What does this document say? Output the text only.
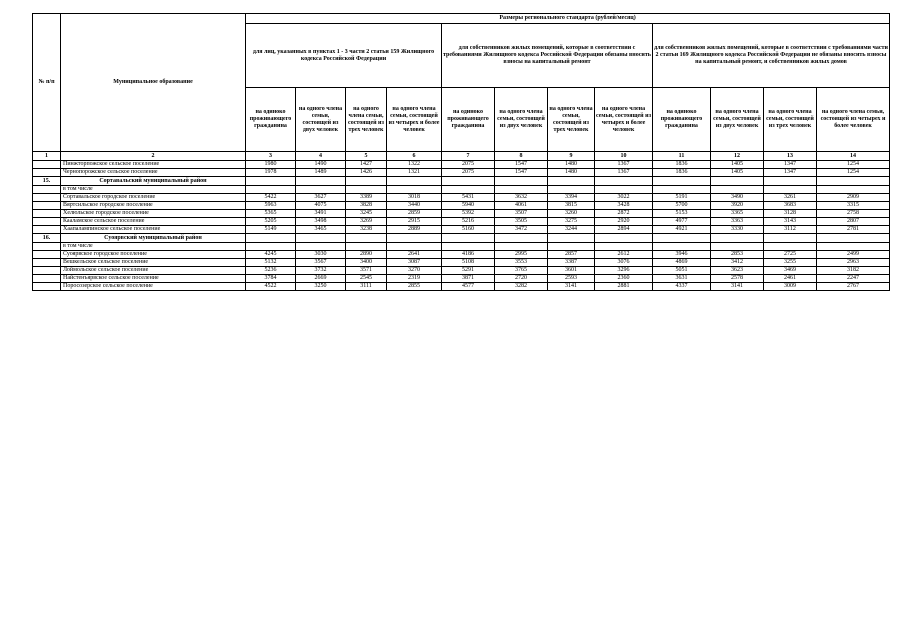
№ п/п	Муниципальное образование	Размеры регионального стандарта (рублей/месяц)											
		для лиц, указанных в пунктах 1 - 3 части 2 статьи 159 Жилищного кодекса Российской Федерации				для собственников жилых помещений, которые в соответствии с требованиями Жилищного кодекса Российской Федерации обязаны вносить взносы на капитальный ремонт				для собственников жилых помещений, которые в соответствии с требованиями части 2 статьи 169 Жилищного кодекса Российской Федерации не обязаны вносить взносы на капитальный ремонт, и собственников жилых домов			
		на одиноко проживающего гражданина	на одного члена семьи, состоящей из двух человек	на одного члена семьи, состоящей из трех человек	на одного члена семьи, состоящей из четырех и более человек	на одиноко проживающего гражданина	на одного члена семьи, состоящей из двух человек	на одного члена семьи, состоящей из трех человек	на одного члена семьи, состоящей из четырех и более человек	на одиноко проживающего гражданина	на одного члена семьи, состоящей из двух человек	на одного члена семьи, состоящей из трех человек	на одного члена семьи, состоящей из четырех и более человек
1	2	3	4	5	6	7	8	9	10	11	12	13	14
	Пинжторпожское сельское поселение	1980	1490	1427	1322	2075	1547	1480	1367	1836	1405	1347	1254
	Чернопорожское сельское поселение	1978	1489	1426	1321	2075	1547	1480	1367	1836	1405	1347	1254
15.	Сортавальский муниципальный район												
	в том числе												
	Сортавальское городское поселение	5422	3627	3389	3018	5431	3632	3394	3022	5191	3490	3261	2909
	Вяртсильское городское поселение	5963	4075	3828	3440	5940	4061	3815	3428	5700	3920	3683	3315
	Хелюльское городское поселение	5365	3491	3245	2859	5392	3507	3260	2872	5153	3365	3128	2758
	Кааламское сельское поселение	5205	3498	3269	2915	5216	3505	3275	2920	4977	3363	3143	2807
	Хаапалампинское сельское поселение	5149	3465	3238	2889	5160	3472	3244	2894	4921	3330	3112	2781
16.	Суоярвский муниципальный район												
	в том числе												
	Суоярвское городское поселение	4245	3030	2890	2641	4186	2995	2857	2612	3946	2853	2725	2499
	Вешкельское сельское поселение	5132	3567	3400	3087	5108	3553	3387	3076	4869	3412	3255	2963
	Лоймольское сельское поселение	5236	3732	3571	3270	5291	3765	3601	3296	5051	3623	3469	3182
	Найстенъярвское сельское поселение	3784	2669	2545	2319	3871	2720	2593	2360	3631	2578	2461	2247
	Поросозерское сельское поселение	4522	3250	3111	2855	4577	3282	3141	2881	4337	3141	3009	2767
